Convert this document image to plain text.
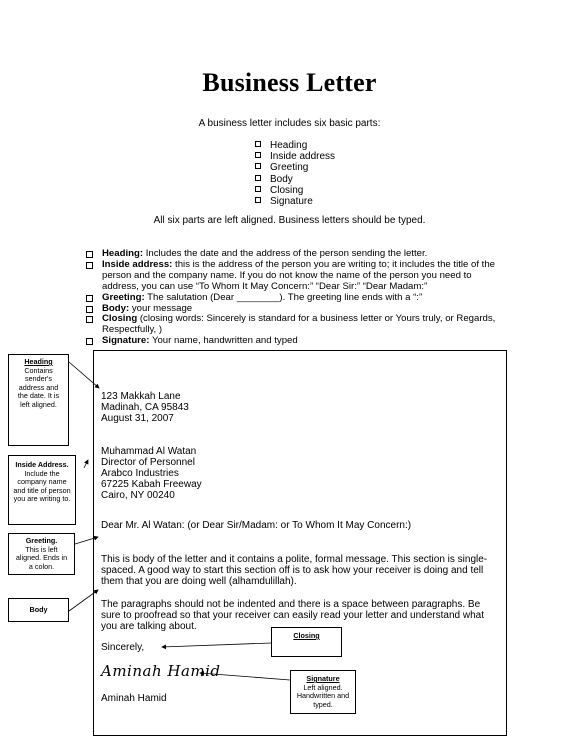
Business Letter
A business letter includes six basic parts:
Heading
Inside address
Greeting
Body
Closing
Signature
All six parts are left aligned. Business letters should be typed.
Heading: Includes the date and the address of the person sending the letter.
Inside address: this is the address of the person you are writing to; it includes the title of the person and the company name. If you do not know the name of the person you need to address, you can use “To Whom It May Concern:” “Dear Sir:” “Dear Madam:”
Greeting: The salutation (Dear ________). The greeting line ends with a “:”
Body: your message
Closing (closing words: Sincerely is standard for a business letter or Yours truly, or Regards, Respectfully, )
Signature: Your name, handwritten and typed
123 Makkah Lane
Madinah, CA 95843
August 31, 2007
Muhammad Al Watan
Director of Personnel
Arabco Industries
67225 Kabah Freeway
Cairo, NY 00240
Dear Mr. Al Watan: (or Dear Sir/Madam: or To Whom It May Concern:)
This is body of the letter and it contains a polite, formal message. This section is single-spaced. A good way to start this section off is to ask how your receiver is doing and tell them that you are doing well (alhamdulillah).
The paragraphs should not be indented and there is a space between paragraphs. Be sure to proofread so that your receiver can easily read your letter and understand what you are talking about.
Sincerely,
Aminah Hamid
Aminah Hamid
Heading
Contains sender's address and the date. It is left aligned.
Inside Address.
Include the company name and title of person you are writing to.
Greeting.
This is left aligned. Ends in a colon.
Body
Closing
Signature
Left aligned. Handwritten and typed.
